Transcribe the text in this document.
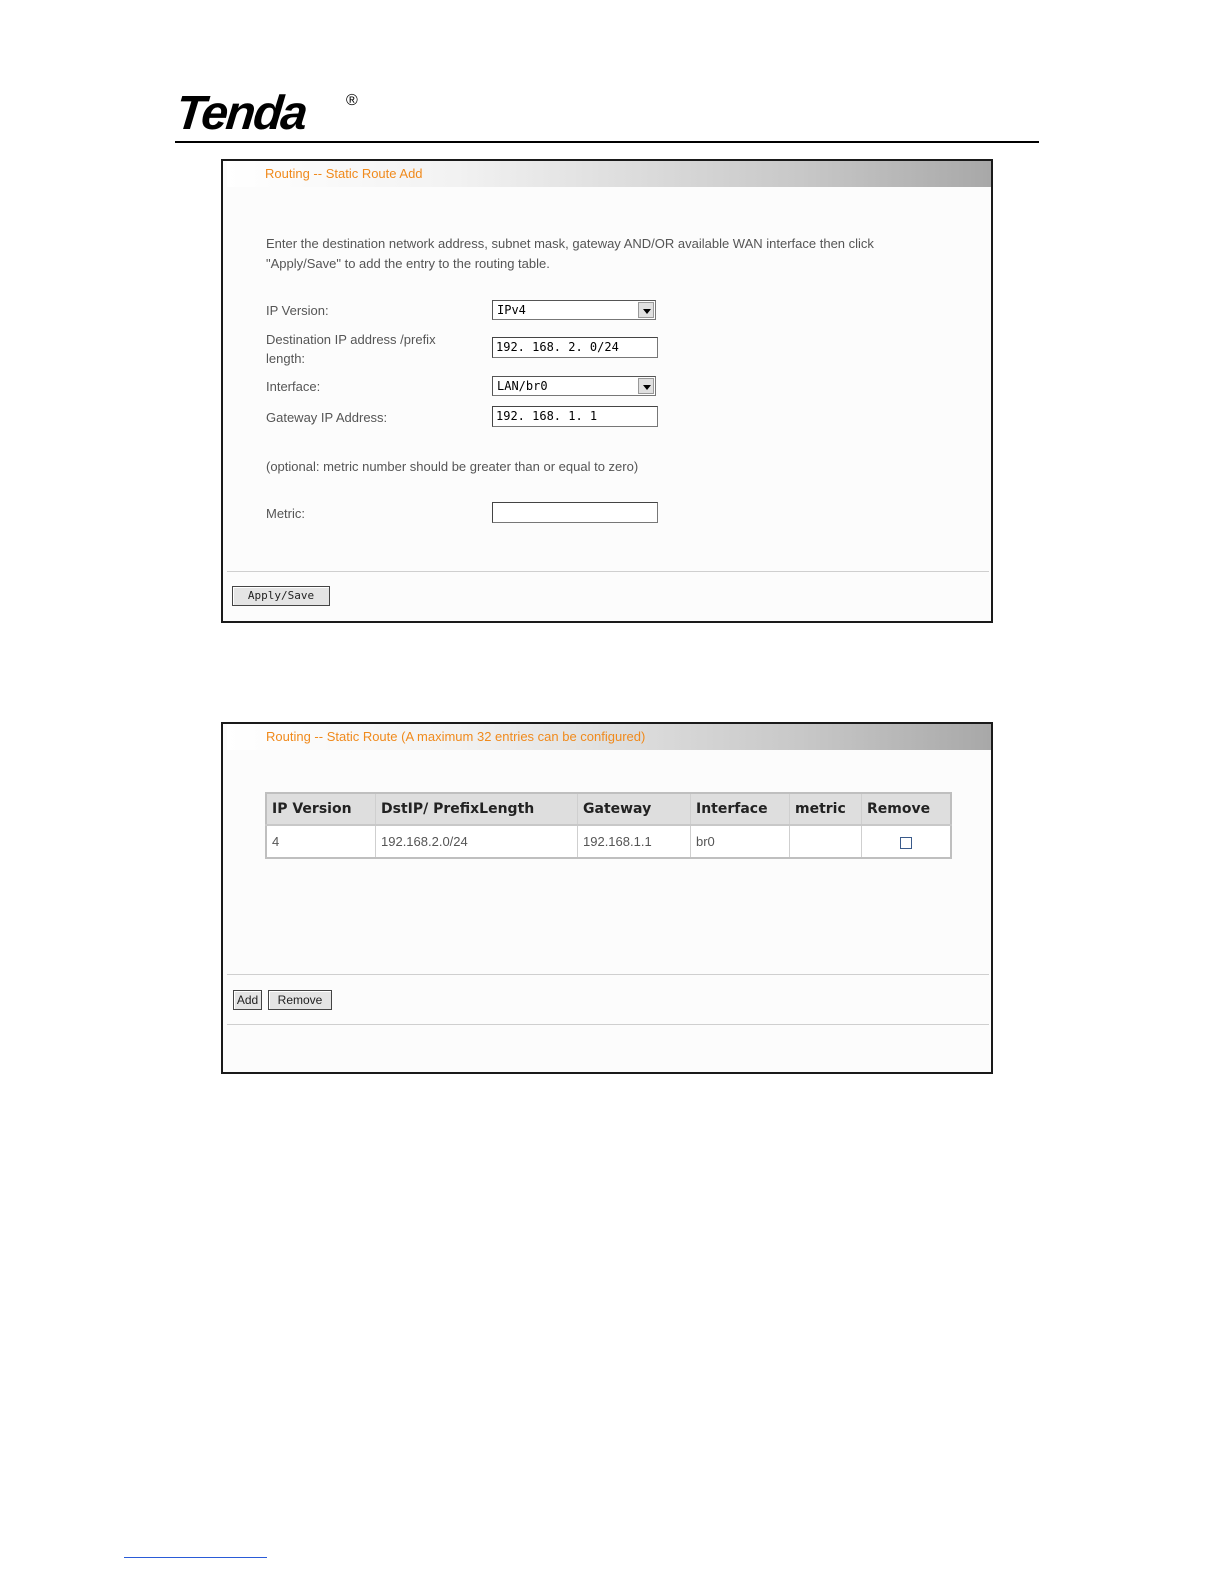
Tenda ®
Routing -- Static Route Add
Enter the destination network address, subnet mask, gateway AND/OR available WAN interface then click "Apply/Save" to add the entry to the routing table.
IP Version:	IPv4
Destination IP address /prefix length:
192. 168. 2. 0/24
Interface:	LAN/br0
Gateway IP Address:	192. 168. 1. 1
(optional: metric number should be greater than or equal to zero)
Metric:
Apply/Save
Routing -- Static Route (A maximum 32 entries can be configured)
IP Version	DstIP/ PrefixLength	Gateway	Interface	metric	Remove
4	192.168.2.0/24	192.168.1.1	br0		
Add	Remove
